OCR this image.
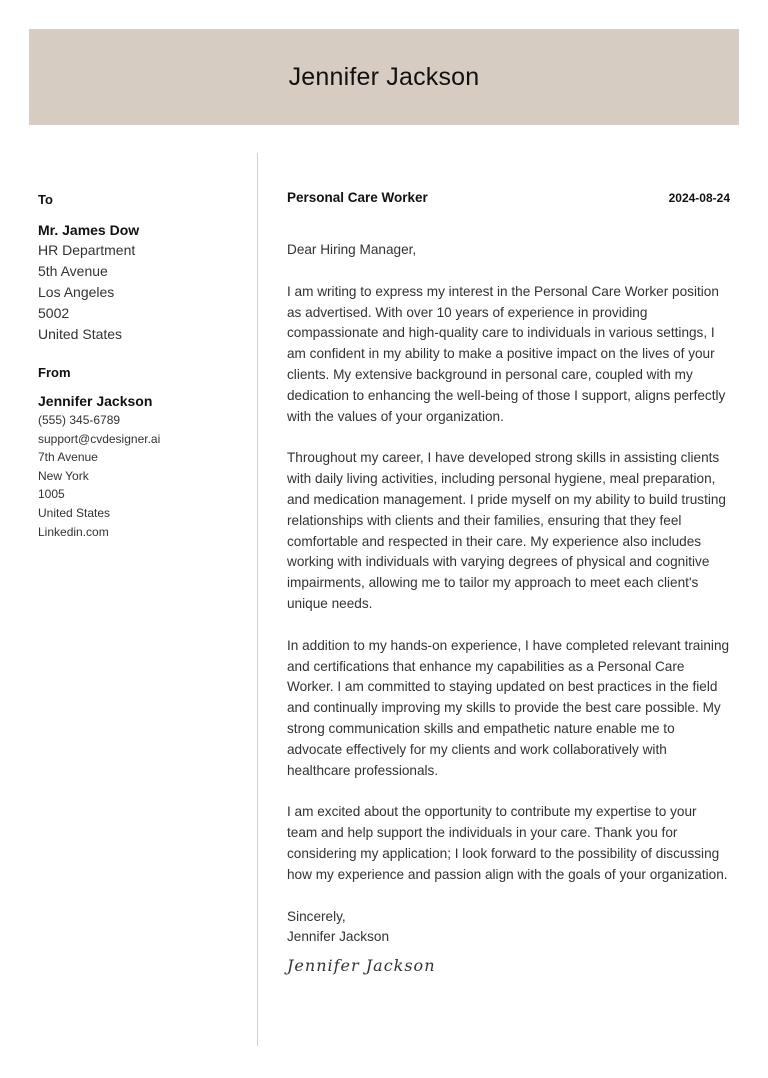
Jennifer Jackson
To
Mr. James Dow
HR Department
5th Avenue
Los Angeles
5002
United States
From
Jennifer Jackson
(555) 345-6789
support@cvdesigner.ai
7th Avenue
New York
1005
United States
Linkedin.com
Personal Care Worker	2024-08-24

Dear Hiring Manager,

I am writing to express my interest in the Personal Care Worker position as advertised. With over 10 years of experience in providing compassionate and high-quality care to individuals in various settings, I am confident in my ability to make a positive impact on the lives of your clients. My extensive background in personal care, coupled with my dedication to enhancing the well-being of those I support, aligns perfectly with the values of your organization.

Throughout my career, I have developed strong skills in assisting clients with daily living activities, including personal hygiene, meal preparation, and medication management. I pride myself on my ability to build trusting relationships with clients and their families, ensuring that they feel comfortable and respected in their care. My experience also includes working with individuals with varying degrees of physical and cognitive impairments, allowing me to tailor my approach to meet each client's unique needs.

In addition to my hands-on experience, I have completed relevant training and certifications that enhance my capabilities as a Personal Care Worker. I am committed to staying updated on best practices in the field and continually improving my skills to provide the best care possible. My strong communication skills and empathetic nature enable me to advocate effectively for my clients and work collaboratively with healthcare professionals.

I am excited about the opportunity to contribute my expertise to your team and help support the individuals in your care. Thank you for considering my application; I look forward to the possibility of discussing how my experience and passion align with the goals of your organization.

Sincerely,

Jennifer Jackson

Jennifer Jackson
